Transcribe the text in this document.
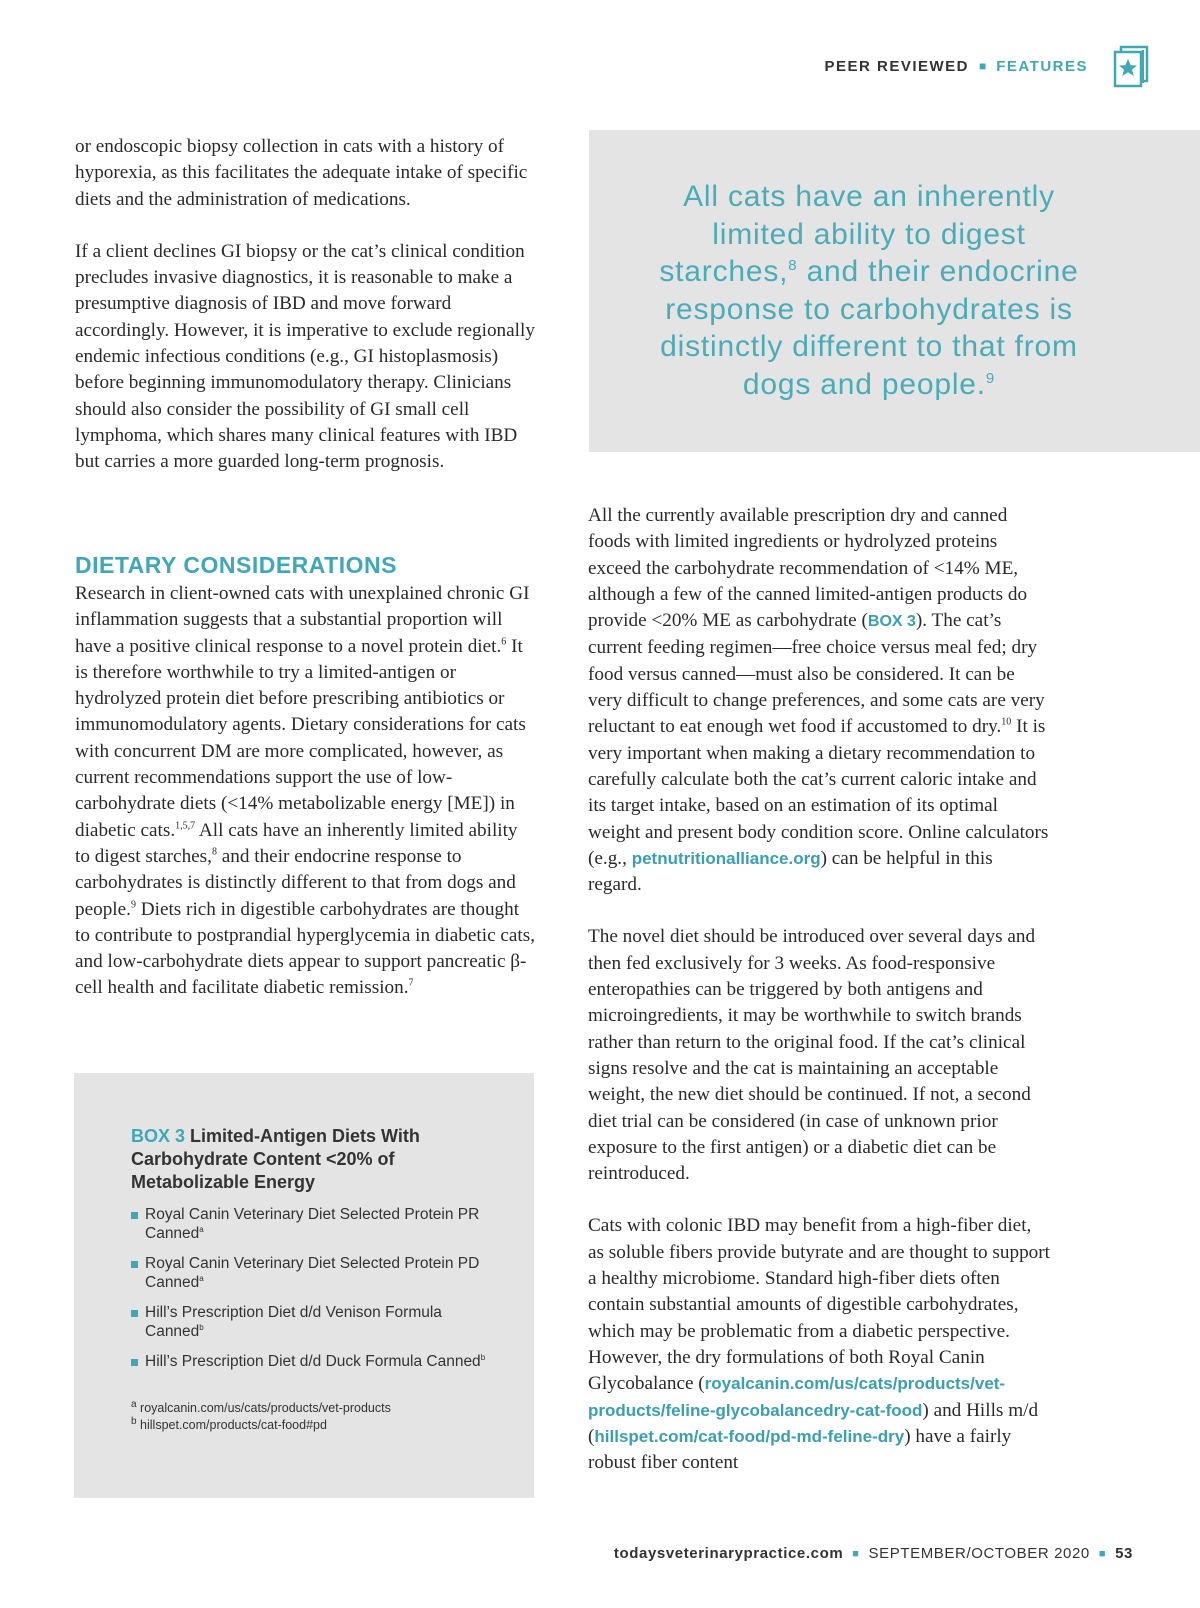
PEER REVIEWED ■ FEATURES

or endoscopic biopsy collection in cats with a history of hyporexia, as this facilitates the adequate intake of specific diets and the administration of medications.

If a client declines GI biopsy or the cat’s clinical condition precludes invasive diagnostics, it is reasonable to make a presumptive diagnosis of IBD and move forward accordingly. However, it is imperative to exclude regionally endemic infectious conditions (e.g., GI histoplasmosis) before beginning immunomodulatory therapy. Clinicians should also consider the possibility of GI small cell lymphoma, which shares many clinical features with IBD but carries a more guarded long-term prognosis.

DIETARY CONSIDERATIONS

Research in client-owned cats with unexplained chronic GI inflammation suggests that a substantial proportion will have a positive clinical response to a novel protein diet.$^6$ It is therefore worthwhile to try a limited-antigen or hydrolyzed protein diet before prescribing antibiotics or immunomodulatory agents. Dietary considerations for cats with concurrent DM are more complicated, however, as current recommendations support the use of low-carbohydrate diets (<14% metabolizable energy [ME]) in diabetic cats.$^{1,5,7}$ All cats have an inherently limited ability to digest starches,$^8$ and their endocrine response to carbohydrates is distinctly different to that from dogs and people.$^9$ Diets rich in digestible carbohydrates are thought to contribute to postprandial hyperglycemia in diabetic cats, and low-carbohydrate diets appear to support pancreatic β-cell health and facilitate diabetic remission.$^7$

All cats have an inherently limited ability to digest starches,$^8$ and their endocrine response to carbohydrates is distinctly different to that from dogs and people.$^9$
BOX 3 Limited-Antigen Diets With Carbohydrate Content <20% of Metabolizable Energy
Royal Canin Veterinary Diet Selected Protein PR Canned$^a$
Royal Canin Veterinary Diet Selected Protein PD Canned$^a$
Hill’s Prescription Diet d/d Venison Formula Canned$^b$
Hill’s Prescription Diet d/d Duck Formula Canned$^b$
$^a$ royalcanin.com/us/cats/products/vet-products
$^b$ hillspet.com/products/cat-food#pd

All the currently available prescription dry and canned foods with limited ingredients or hydrolyzed proteins exceed the carbohydrate recommendation of <14% ME, although a few of the canned limited-antigen products do provide <20% ME as carbohydrate (BOX 3). The cat’s current feeding regimen—free choice versus meal fed; dry food versus canned—must also be considered. It can be very difficult to change preferences, and some cats are very reluctant to eat enough wet food if accustomed to dry.$^{10}$ It is very important when making a dietary recommendation to carefully calculate both the cat’s current caloric intake and its target intake, based on an estimation of its optimal weight and present body condition score. Online calculators (e.g., petnutritionalliance.org) can be helpful in this regard.

The novel diet should be introduced over several days and then fed exclusively for 3 weeks. As food-responsive enteropathies can be triggered by both antigens and microingredients, it may be worthwhile to switch brands rather than return to the original food. If the cat’s clinical signs resolve and the cat is maintaining an acceptable weight, the new diet should be continued. If not, a second diet trial can be considered (in case of unknown prior exposure to the first antigen) or a diabetic diet can be reintroduced.

Cats with colonic IBD may benefit from a high-fiber diet, as soluble fibers provide butyrate and are thought to support a healthy microbiome. Standard high-fiber diets often contain substantial amounts of digestible carbohydrates, which may be problematic from a diabetic perspective. However, the dry formulations of both Royal Canin Glycobalance (royalcanin.com/us/cats/products/vet-products/feline-glycobalancedry-cat-food) and Hills m/d (hillspet.com/cat-food/pd-md-feline-dry) have a fairly robust fiber content

todaysveterinarypractice.com ■ SEPTEMBER/OCTOBER 2020 ■ 53
